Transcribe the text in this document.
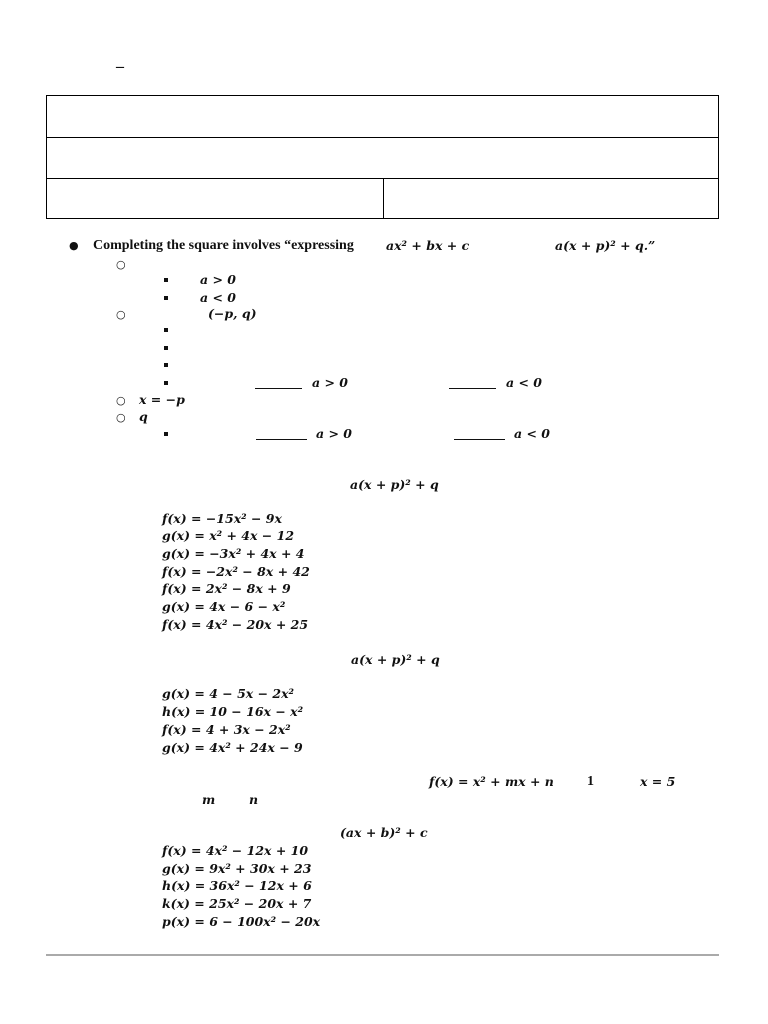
–
● Completing the square involves “expressing	ax² + bx + c	a(x + p)² + q.”
○
a > 0
a < 0
○	(−p, q)
a > 0	a < 0
○ x = −p
○ q
a > 0	a < 0
a(x + p)² + q
f(x) = −15x² − 9x
g(x) = x² + 4x − 12
g(x) = −3x² + 4x + 4
f(x) = −2x² − 8x + 42
f(x) = 2x² − 8x + 9
g(x) = 4x − 6 − x²
f(x) = 4x² − 20x + 25
a(x + p)² + q
g(x) = 4 − 5x − 2x²
h(x) = 10 − 16x − x²
f(x) = 4 + 3x − 2x²
g(x) = 4x² + 24x − 9
f(x) = x² + mx + n 1	x = 5
m	n
(ax + b)² + c
f(x) = 4x² − 12x + 10
g(x) = 9x² + 30x + 23
h(x) = 36x² − 12x + 6
k(x) = 25x² − 20x + 7
p(x) = 6 − 100x² − 20x
